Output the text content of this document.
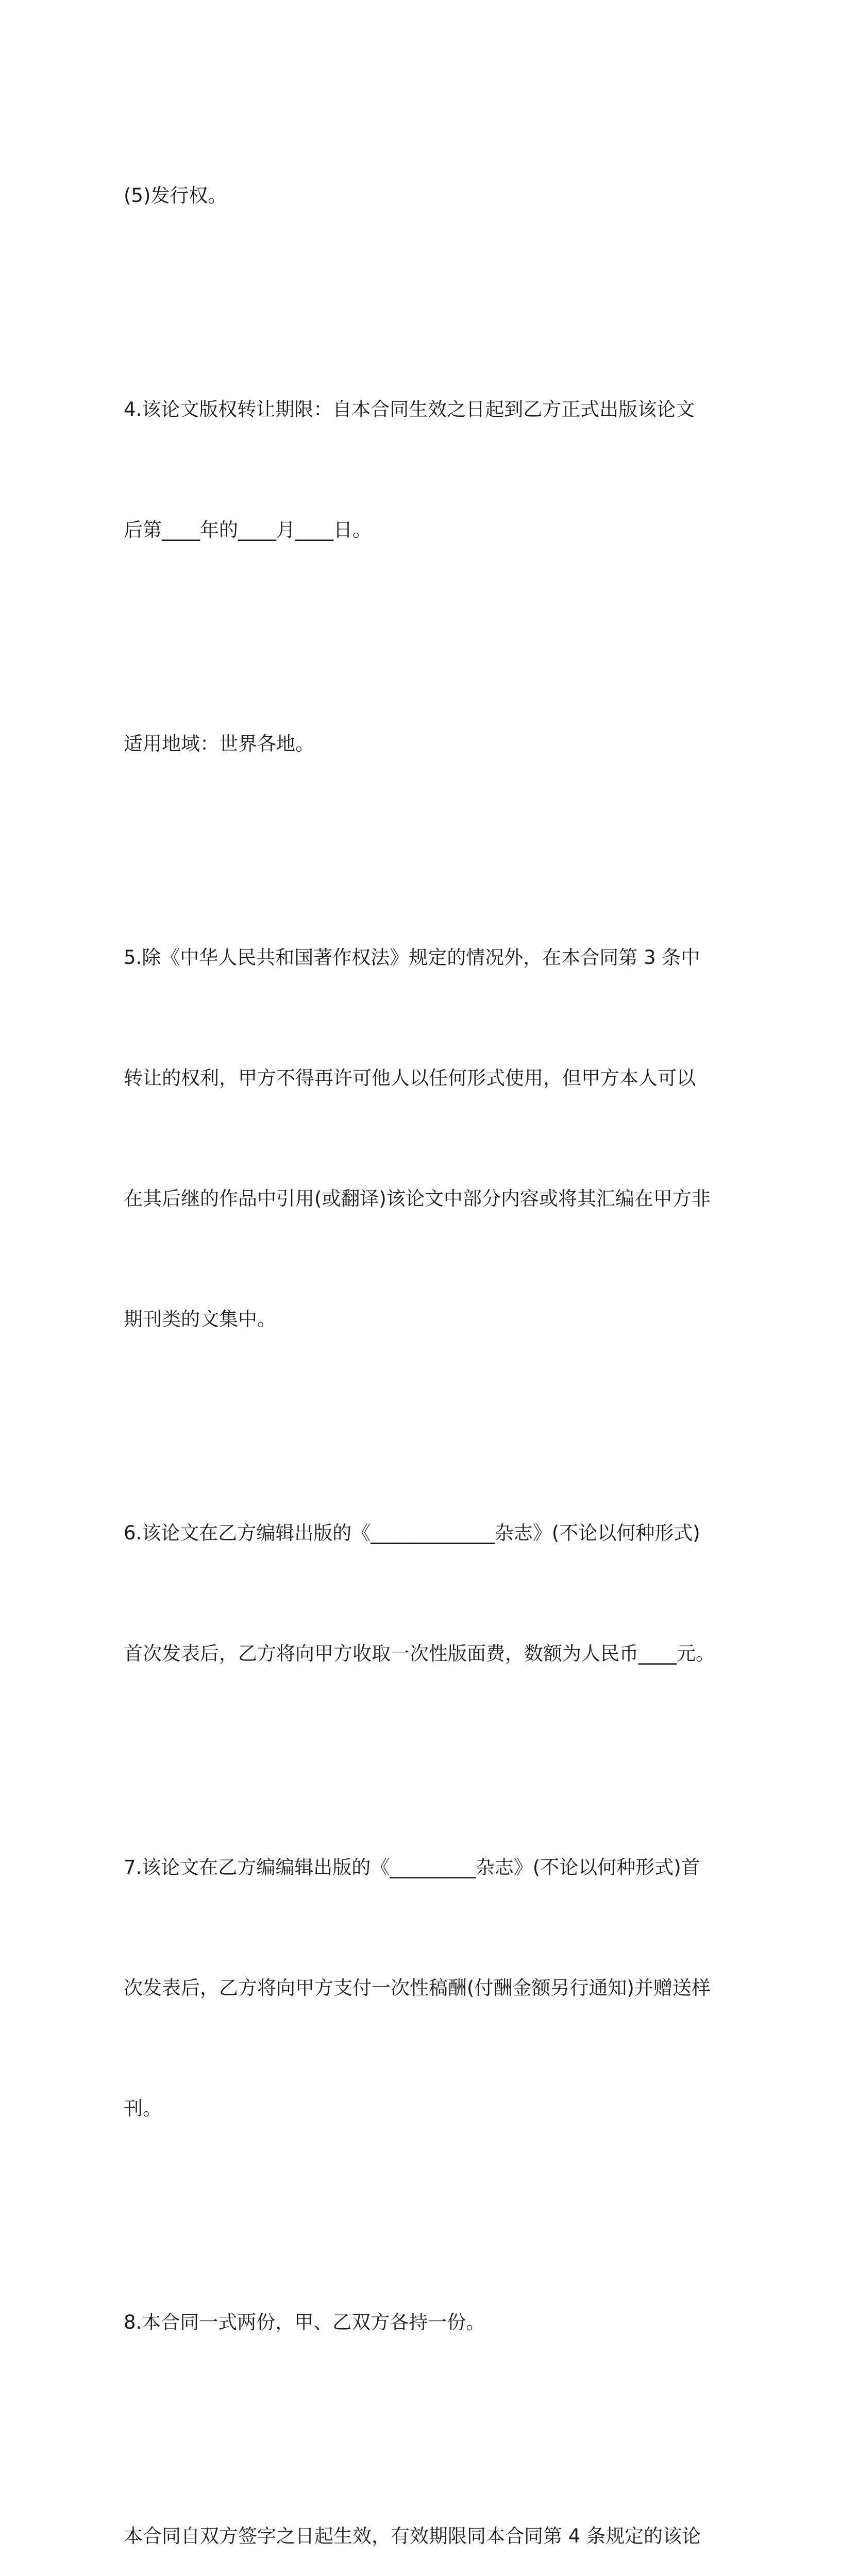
(5)发行权。

4.该论文版权转让期限：自本合同生效之日起到乙方正式出版该论文

后第____年的____月____日。

适用地域：世界各地。

5.除《中华人民共和国著作权法》规定的情况外，在本合同第 3 条中

转让的权利，甲方不得再许可他人以任何形式使用，但甲方本人可以

在其后继的作品中引用(或翻译)该论文中部分内容或将其汇编在甲方非

期刊类的文集中。

6.该论文在乙方编辑出版的《_____________杂志》(不论以何种形式)

首次发表后，乙方将向甲方收取一次性版面费，数额为人民币____元。

7.该论文在乙方编编辑出版的《_________杂志》(不论以何种形式)首

次发表后，乙方将向甲方支付一次性稿酬(付酬金额另行通知)并赠送样

刊。

8.本合同一式两份，甲、乙双方各持一份。

本合同自双方签字之日起生效，有效期限同本合同第 4 条规定的该论
